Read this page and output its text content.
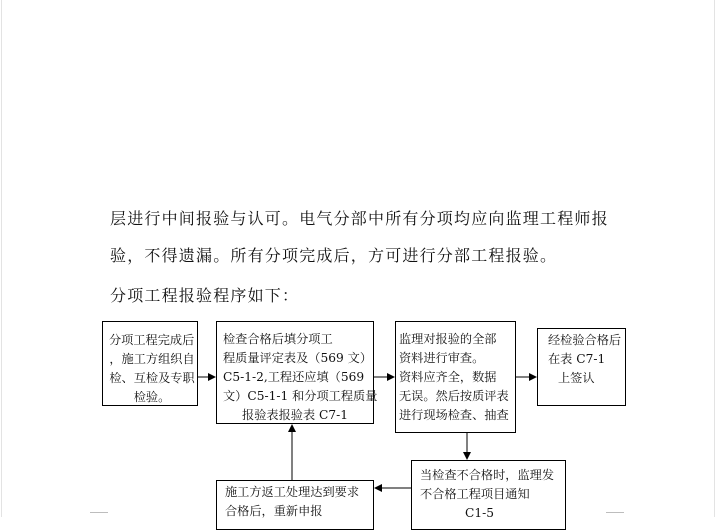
层进行中间报验与认可。电气分部中所有分项均应向监理工程师报
验，不得遗漏。所有分项完成后，方可进行分部工程报验。
分项工程报验程序如下：
分项工程完成后
，施工方组织自
检、互检及专职
检验。
检查合格后填分项工
程质量评定表及（569 文）
C5-1-2,工程还应填（569
文）C5-1-1 和分项工程质量
报验表报验表 C7-1
监理对报验的全部
资料进行审查。
资料应齐全，数据
无误。然后按质评表
进行现场检查、抽查
经检验合格后
在表 C7-1
上签认
当检查不合格时，监理发
不合格工程项目通知
C1-5
施工方返工处理达到要求
合格后，重新申报
